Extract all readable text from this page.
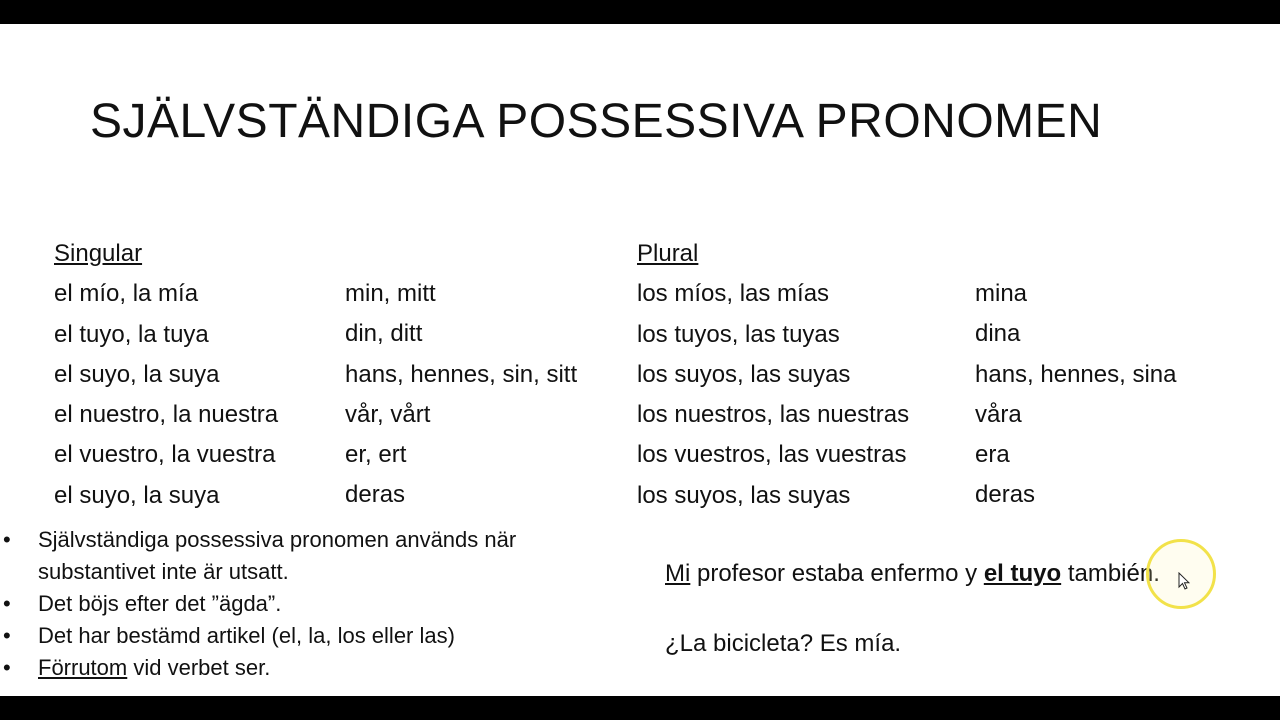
SJÄLVSTÄNDIGA POSSESSIVA PRONOMEN
Singular
el mío, la mía
el tuyo, la tuya
el suyo, la suya
el nuestro, la nuestra
el vuestro, la vuestra
el suyo, la suya
min, mitt
din, ditt
hans, hennes, sin, sitt
vår, vårt
er, ert
deras
Plural
los míos, las mías
los tuyos, las tuyas
los suyos, las suyas
los nuestros, las nuestras
los vuestros, las vuestras
los suyos, las suyas
mina
dina
hans, hennes, sina
våra
era
deras
• Självständiga possessiva pronomen används när substantivet inte är utsatt.
• Det böjs efter det ”ägda”.
• Det har bestämd artikel (el, la, los eller las)
• Förrutom vid verbet ser.
Mi profesor estaba enfermo y el tuyo también.
¿La bicicleta? Es mía.
